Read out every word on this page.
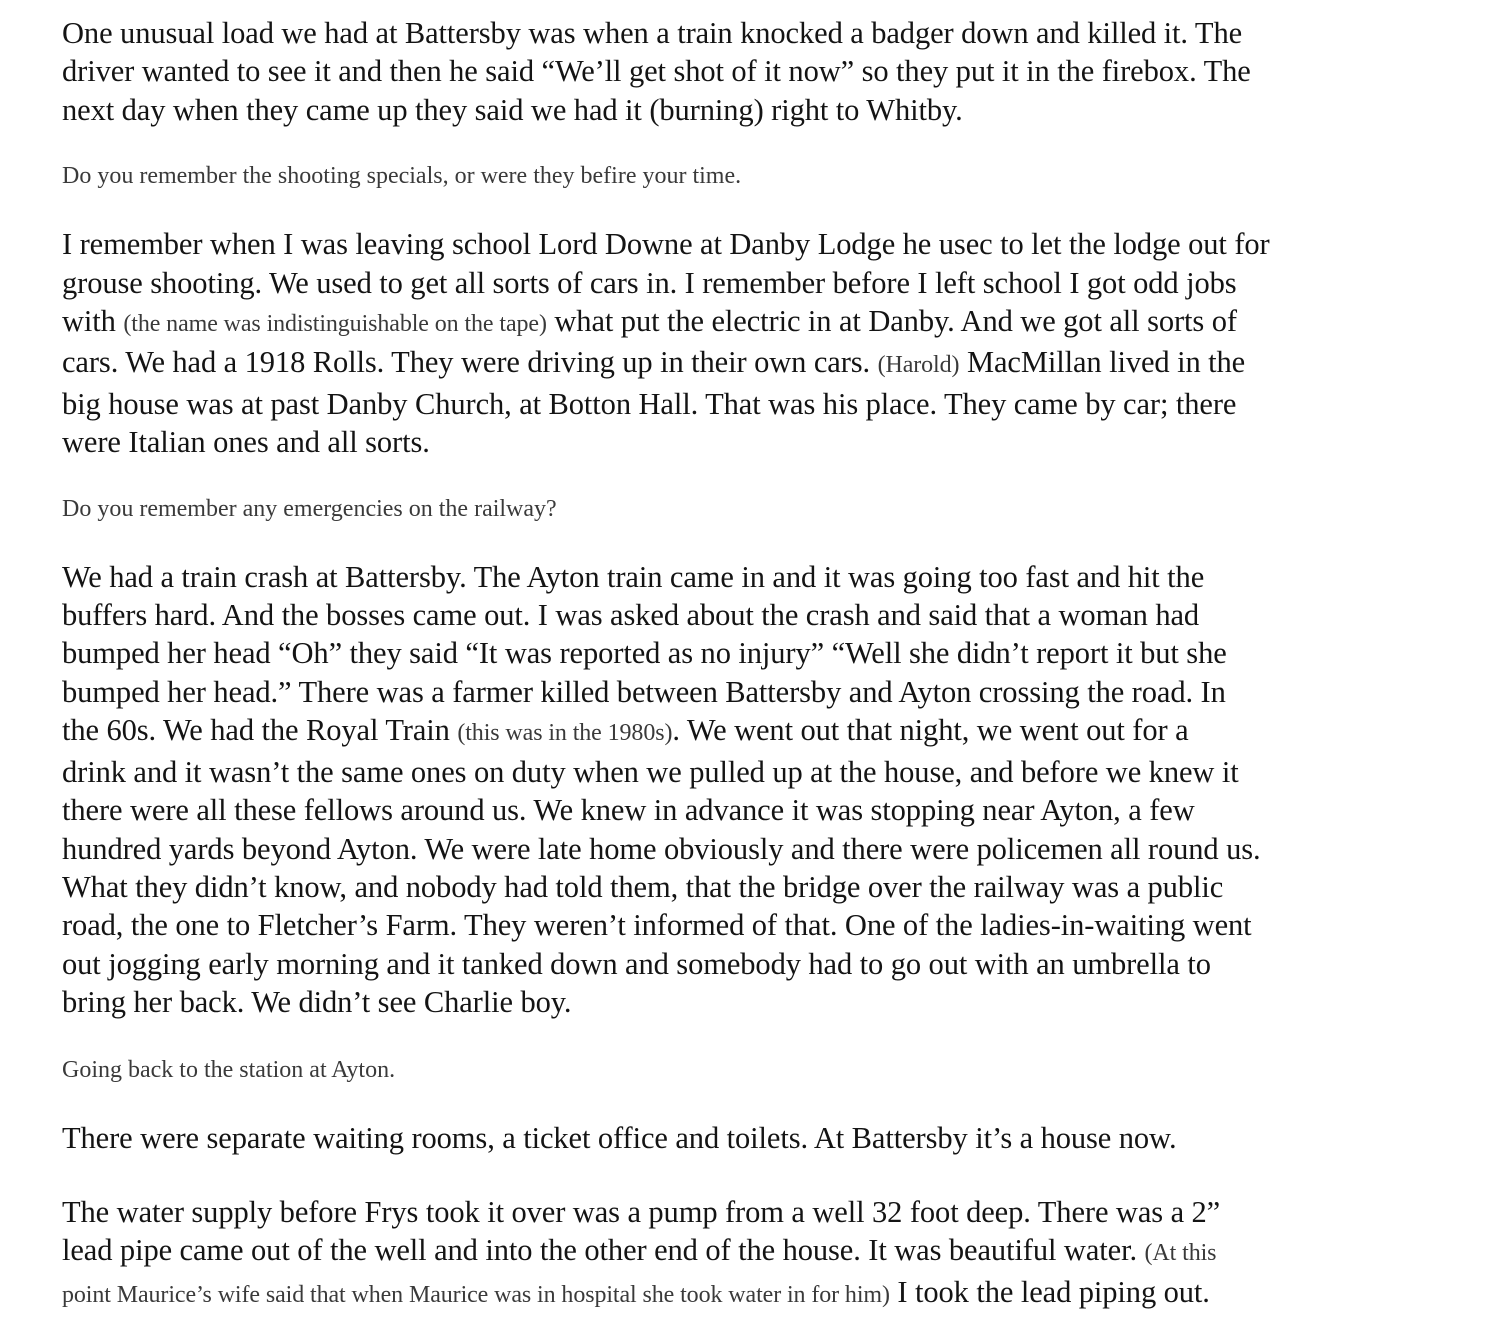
One unusual load we had at Battersby was when a train knocked a badger down and killed it. The
driver wanted to see it and then he said “We’ll get shot of it now” so they put it in the firebox. The
next day when they came up they said we had it (burning) right to Whitby.

Do you remember the shooting specials, or were they befire your time.

I remember when I was leaving school Lord Downe at Danby Lodge he usec to let the lodge out for
grouse shooting. We used to get all sorts of cars in. I remember before I left school I got odd jobs
with (the name was indistinguishable on the tape) what put the electric in at Danby. And we got all sorts of
cars. We had a 1918 Rolls. They were driving up in their own cars. (Harold) MacMillan lived in the
big house was at past Danby Church, at Botton Hall. That was his place. They came by car; there
were Italian ones and all sorts.

Do you remember any emergencies on the railway?

We had a train crash at Battersby. The Ayton train came in and it was going too fast and hit the
buffers hard. And the bosses came out. I was asked about the crash and said that a woman had
bumped her head “Oh” they said “It was reported as no injury” “Well she didn’t report it but she
bumped her head.” There was a farmer killed between Battersby and Ayton crossing the road. In
the 60s. We had the Royal Train (this was in the 1980s). We went out that night, we went out for a
drink and it wasn’t the same ones on duty when we pulled up at the house, and before we knew it
there were all these fellows around us. We knew in advance it was stopping near Ayton, a few
hundred yards beyond Ayton. We were late home obviously and there were policemen all round us.
What they didn’t know, and nobody had told them, that the bridge over the railway was a public
road, the one to Fletcher’s Farm. They weren’t informed of that. One of the ladies-in-waiting went
out jogging early morning and it tanked down and somebody had to go out with an umbrella to
bring her back. We didn’t see Charlie boy.

Going back to the station at Ayton.

There were separate waiting rooms, a ticket office and toilets. At Battersby it’s a house now.

The water supply before Frys took it over was a pump from a well 32 foot deep. There was a 2”
lead pipe came out of the well and into the other end of the house. It was beautiful water. (At this
point Maurice’s wife said that when Maurice was in hospital she took water in for him) I took the lead piping out.
